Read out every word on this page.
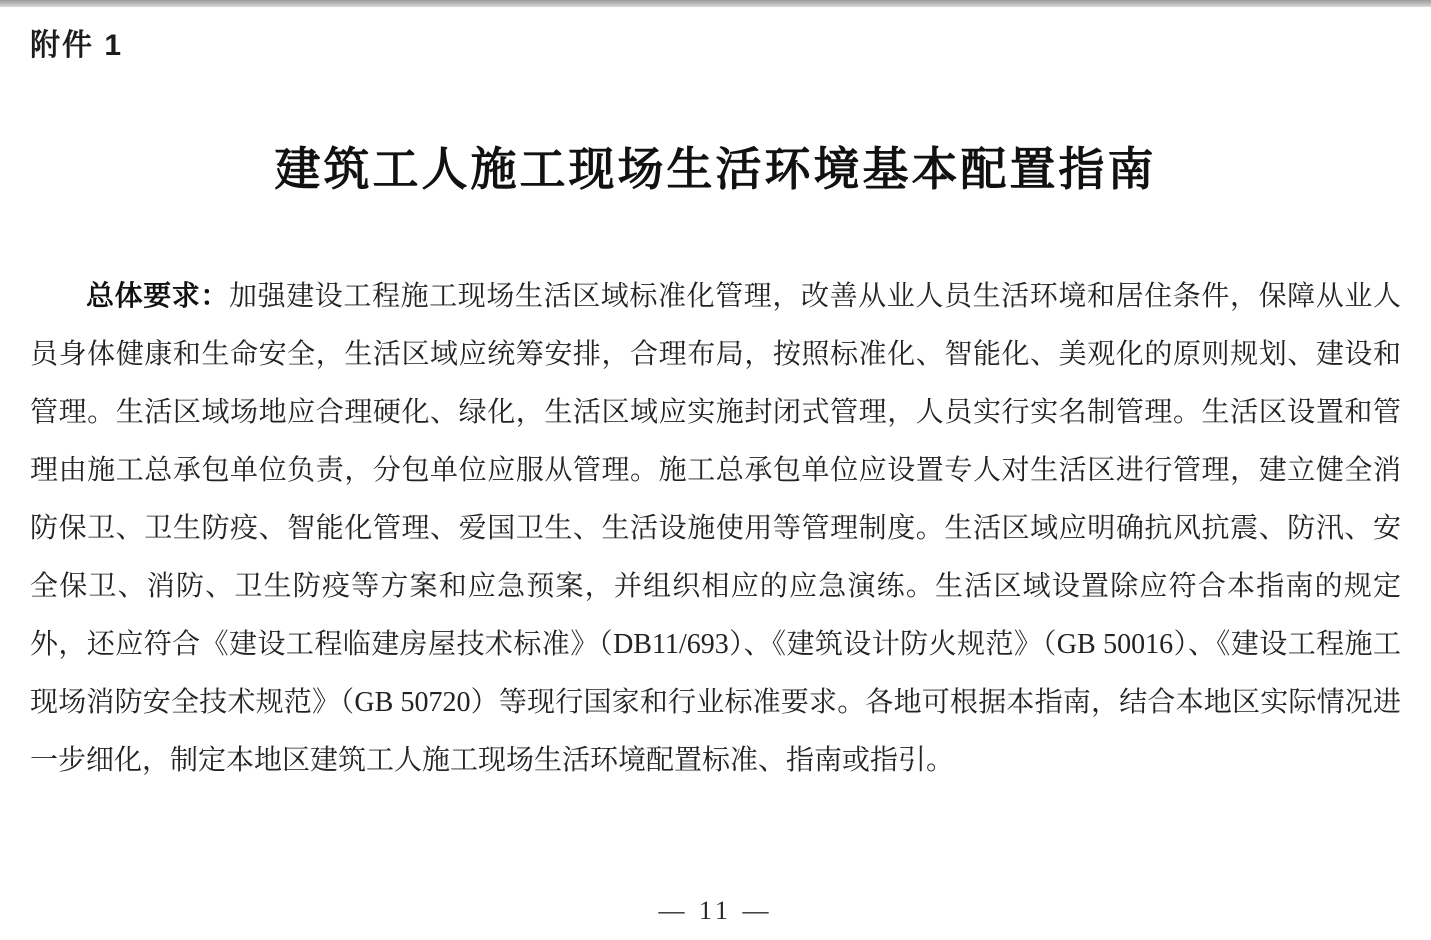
附件 1
建筑工人施工现场生活环境基本配置指南

总体要求：加强建设工程施工现场生活区域标准化管理，改善从业人员生活环境和居住条件，保障从业人员身体健康和生命安全，生活区域应统筹安排，合理布局，按照标准化、智能化、美观化的原则规划、建设和管理。生活区域场地应合理硬化、绿化，生活区域应实施封闭式管理，人员实行实名制管理。生活区设置和管理由施工总承包单位负责，分包单位应服从管理。施工总承包单位应设置专人对生活区进行管理，建立健全消防保卫、卫生防疫、智能化管理、爱国卫生、生活设施使用等管理制度。生活区域应明确抗风抗震、防汛、安全保卫、消防、卫生防疫等方案和应急预案，并组织相应的应急演练。生活区域设置除应符合本指南的规定外，还应符合《建设工程临建房屋技术标准》（DB11/693）、《建筑设计防火规范》（GB 50016）、《建设工程施工现场消防安全技术规范》（GB 50720）等现行国家和行业标准要求。各地可根据本指南，结合本地区实际情况进一步细化，制定本地区建筑工人施工现场生活环境配置标准、指南或指引。

— 11 —
